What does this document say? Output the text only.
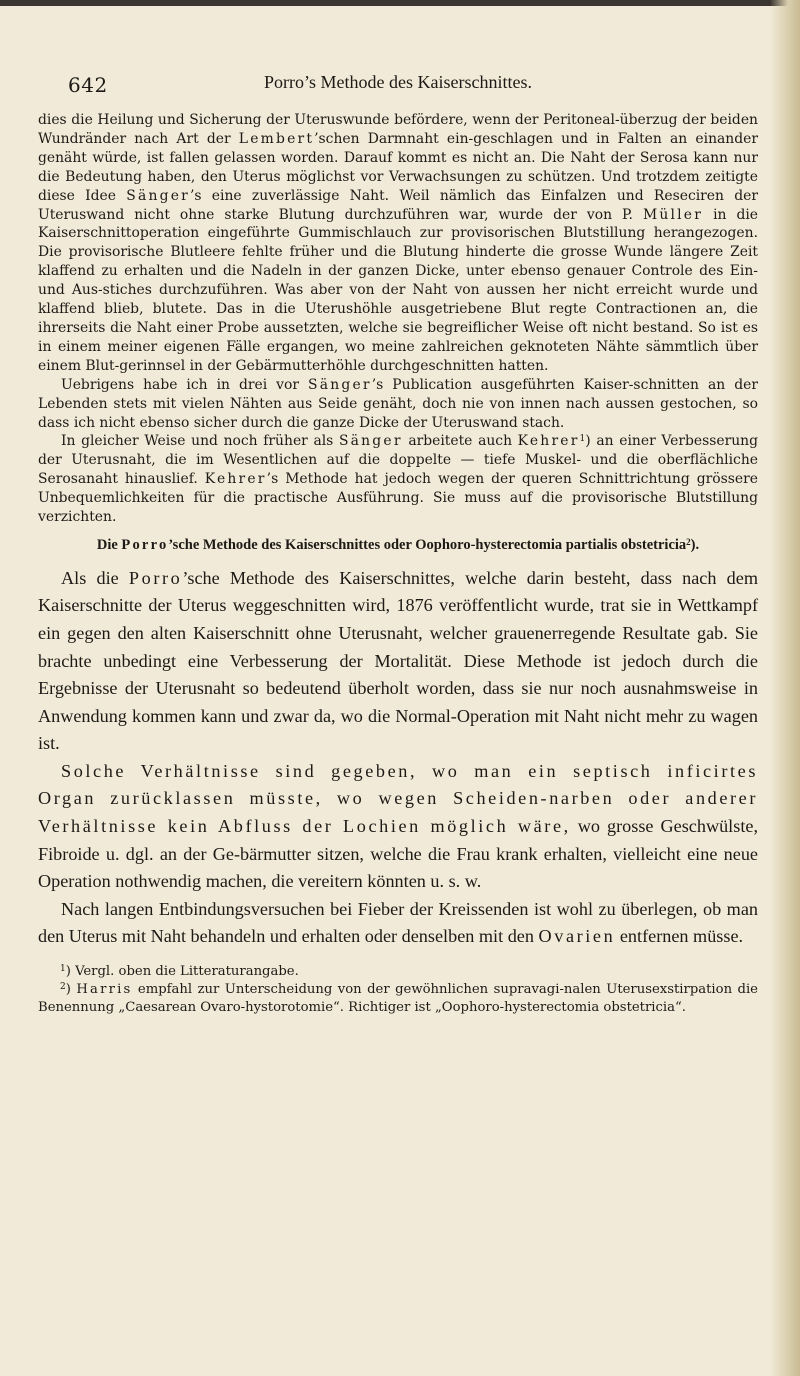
642	Porro’s Methode des Kaiserschnittes.

dies die Heilung und Sicherung der Uteruswunde befördere, wenn der Peritoneal-überzug der beiden Wundränder nach Art der Lembert’schen Darmnaht ein-geschlagen und in Falten an einander genäht würde, ist fallen gelassen worden. Darauf kommt es nicht an. Die Naht der Serosa kann nur die Bedeutung haben, den Uterus möglichst vor Verwachsungen zu schützen. Und trotzdem zeitigte diese Idee Sänger’s eine zuverlässige Naht. Weil nämlich das Einfalzen und Reseciren der Uteruswand nicht ohne starke Blutung durchzuführen war, wurde der von P. Müller in die Kaiserschnittoperation eingeführte Gummischlauch zur provisorischen Blutstillung herangezogen. Die provisorische Blutleere fehlte früher und die Blutung hinderte die grosse Wunde längere Zeit klaffend zu erhalten und die Nadeln in der ganzen Dicke, unter ebenso genauer Controle des Ein- und Aus-stiches durchzuführen. Was aber von der Naht von aussen her nicht erreicht wurde und klaffend blieb, blutete. Das in die Uterushöhle ausgetriebene Blut regte Contractionen an, die ihrerseits die Naht einer Probe aussetzten, welche sie begreiflicher Weise oft nicht bestand. So ist es in einem meiner eigenen Fälle ergangen, wo meine zahlreichen geknoteten Nähte sämmtlich über einem Blut-gerinnsel in der Gebärmutterhöhle durchgeschnitten hatten.

Uebrigens habe ich in drei vor Sänger’s Publication ausgeführten Kaiser-schnitten an der Lebenden stets mit vielen Nähten aus Seide genäht, doch nie von innen nach aussen gestochen, so dass ich nicht ebenso sicher durch die ganze Dicke der Uteruswand stach.

In gleicher Weise und noch früher als Sänger arbeitete auch Kehrer$^1$) an einer Verbesserung der Uterusnaht, die im Wesentlichen auf die doppelte — tiefe Muskel- und die oberflächliche Serosanaht hinauslief. Kehrer’s Methode hat jedoch wegen der queren Schnittrichtung grössere Unbequemlichkeiten für die practische Ausführung. Sie muss auf die provisorische Blutstillung verzichten.

Die Porro’sche Methode des Kaiserschnittes oder Oophoro-hysterectomia partialis obstetricia$^2$).

Als die Porro’sche Methode des Kaiserschnittes, welche darin besteht, dass nach dem Kaiserschnitte der Uterus weggeschnitten wird, 1876 veröffentlicht wurde, trat sie in Wettkampf ein gegen den alten Kaiserschnitt ohne Uterusnaht, welcher grauenerregende Resultate gab. Sie brachte unbedingt eine Verbesserung der Mortalität. Diese Methode ist jedoch durch die Ergebnisse der Uterusnaht so bedeutend überholt worden, dass sie nur noch ausnahmsweise in Anwendung kommen kann und zwar da, wo die Normal-Operation mit Naht nicht mehr zu wagen ist.

Solche Verhältnisse sind gegeben, wo man ein septisch inficirtes Organ zurücklassen müsste, wo wegen Scheiden-narben oder anderer Verhältnisse kein Abfluss der Lochien möglich wäre, wo grosse Geschwülste, Fibroide u. dgl. an der Ge-bärmutter sitzen, welche die Frau krank erhalten, vielleicht eine neue Operation nothwendig machen, die vereitern könnten u. s. w.

Nach langen Entbindungsversuchen bei Fieber der Kreissenden ist wohl zu überlegen, ob man den Uterus mit Naht behandeln und erhalten oder denselben mit den Ovarien entfernen müsse.

$^1$) Vergl. oben die Litteraturangabe.

$^2$) Harris empfahl zur Unterscheidung von der gewöhnlichen supravagi-nalen Uterusexstirpation die Benennung „Caesarean Ovaro-hystorotomie“. Richtiger ist „Oophoro-hysterectomia obstetricia“.
